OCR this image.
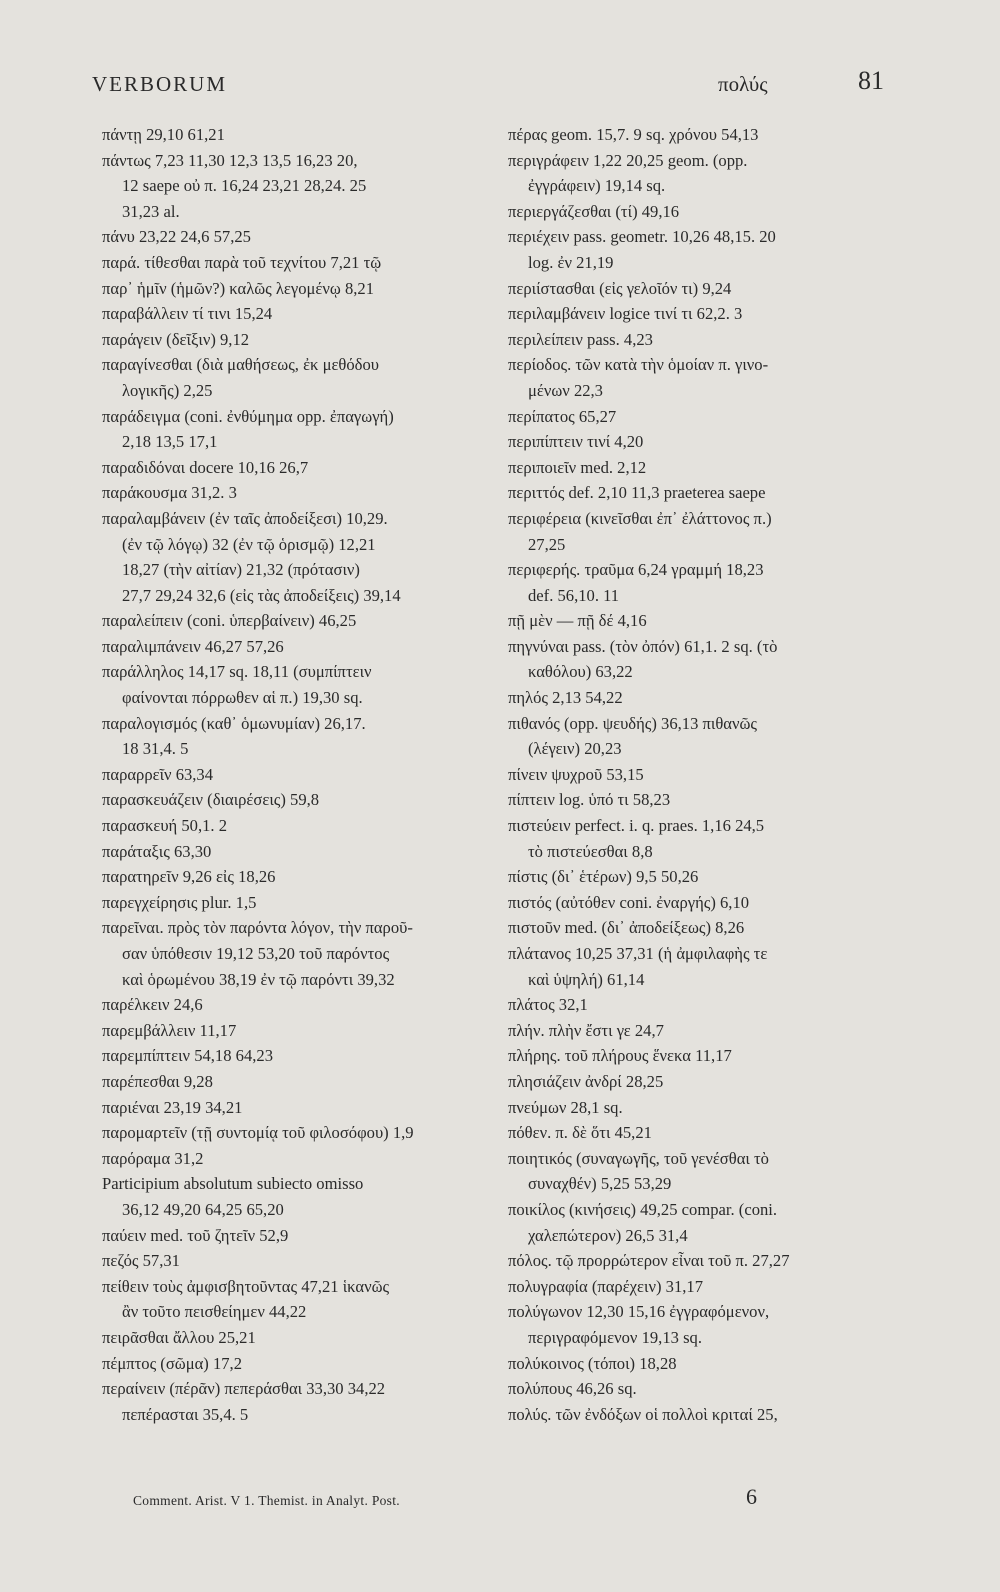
VERBORUM	πολύς	81
πάντῃ 29,10 61,21
πάντως 7,23 11,30 12,3 13,5 16,23 20,
12 saepe οὐ π. 16,24 23,21 28,24. 25
31,23 al.
πάνυ 23,22 24,6 57,25
παρά. τίθεσθαι παρὰ τοῦ τεχνίτου 7,21 τῷ
παρ᾽ ἡμῖν (ἡμῶν?) καλῶς λεγομένῳ 8,21
παραβάλλειν τί τινι 15,24
παράγειν (δεῖξιν) 9,12
παραγίνεσθαι (διὰ μαθήσεως, ἐκ μεθόδου
λογικῆς) 2,25
παράδειγμα (coni. ἐνθύμημα opp. ἐπαγωγή)
2,18 13,5 17,1
παραδιδόναι docere 10,16 26,7
παράκουσμα 31,2. 3
παραλαμβάνειν (ἐν ταῖς ἀποδείξεσι) 10,29.
(ἐν τῷ λόγῳ) 32 (ἐν τῷ ὁρισμῷ) 12,21
18,27 (τὴν αἰτίαν) 21,32 (πρότασιν)
27,7 29,24 32,6 (εἰς τὰς ἀποδείξεις) 39,14
παραλείπειν (coni. ὑπερβαίνειν) 46,25
παραλιμπάνειν 46,27 57,26
παράλληλος 14,17 sq. 18,11 (συμπίπτειν
φαίνονται πόρρωθεν αἱ π.) 19,30 sq.
παραλογισμός (καθ᾽ ὁμωνυμίαν) 26,17.
18 31,4. 5
παραρρεῖν 63,34
παρασκευάζειν (διαιρέσεις) 59,8
παρασκευή 50,1. 2
παράταξις 63,30
παρατηρεῖν 9,26 εἰς 18,26
παρεγχείρησις plur. 1,5
παρεῖναι. πρὸς τὸν παρόντα λόγον, τὴν παροῦ-
σαν ὑπόθεσιν 19,12 53,20 τοῦ παρόντος
καὶ ὁρωμένου 38,19 ἐν τῷ παρόντι 39,32
παρέλκειν 24,6
παρεμβάλλειν 11,17
παρεμπίπτειν 54,18 64,23
παρέπεσθαι 9,28
παριέναι 23,19 34,21
παρομαρτεῖν (τῇ συντομίᾳ τοῦ φιλοσόφου) 1,9
παρόραμα 31,2
Participium absolutum subiecto omisso
36,12 49,20 64,25 65,20
παύειν med. τοῦ ζητεῖν 52,9
πεζός 57,31
πείθειν τοὺς ἀμφισβητοῦντας 47,21 ἱκανῶς
ἂν τοῦτο πεισθείημεν 44,22
πειρᾶσθαι ἄλλου 25,21
πέμπτος (σῶμα) 17,2
περαίνειν (πέρᾶν) πεπεράσθαι 33,30 34,22
πεπέρασται 35,4. 5
πέρας geom. 15,7. 9 sq. χρόνου 54,13
περιγράφειν 1,22 20,25 geom. (opp.
ἐγγράφειν) 19,14 sq.
περιεργάζεσθαι (τί) 49,16
περιέχειν pass. geometr. 10,26 48,15. 20
log. ἐν 21,19
περιίστασθαι (εἰς γελοῖόν τι) 9,24
περιλαμβάνειν logice τινί τι 62,2. 3
περιλείπειν pass. 4,23
περίοδος. τῶν κατὰ τὴν ὁμοίαν π. γινο-
μένων 22,3
περίπατος 65,27
περιπίπτειν τινί 4,20
περιποιεῖν med. 2,12
περιττός def. 2,10 11,3 praeterea saepe
περιφέρεια (κινεῖσθαι ἐπ᾽ ἐλάττονος π.)
27,25
περιφερής. τραῦμα 6,24 γραμμή 18,23
def. 56,10. 11
πῇ μὲν — πῇ δέ 4,16
πηγνύναι pass. (τὸν ὀπόν) 61,1. 2 sq. (τὸ
καθόλου) 63,22
πηλός 2,13 54,22
πιθανός (opp. ψευδής) 36,13 πιθανῶς
(λέγειν) 20,23
πίνειν ψυχροῦ 53,15
πίπτειν log. ὑπό τι 58,23
πιστεύειν perfect. i. q. praes. 1,16 24,5
τὸ πιστεύεσθαι 8,8
πίστις (δι᾽ ἑτέρων) 9,5 50,26
πιστός (αὐτόθεν coni. ἐναργής) 6,10
πιστοῦν med. (δι᾽ ἀποδείξεως) 8,26
πλάτανος 10,25 37,31 (ἡ ἀμφιλαφὴς τε
καὶ ὑψηλή) 61,14
πλάτος 32,1
πλήν. πλὴν ἔστι γε 24,7
πλήρης. τοῦ πλήρους ἕνεκα 11,17
πλησιάζειν ἀνδρί 28,25
πνεύμων 28,1 sq.
πόθεν. π. δὲ ὅτι 45,21
ποιητικός (συναγωγῆς, τοῦ γενέσθαι τὸ
συναχθέν) 5,25 53,29
ποικίλος (κινήσεις) 49,25 compar. (coni.
χαλεπώτερον) 26,5 31,4
πόλος. τῷ προρρώτερον εἶναι τοῦ π. 27,27
πολυγραφία (παρέχειν) 31,17
πολύγωνον 12,30 15,16 ἐγγραφόμενον,
περιγραφόμενον 19,13 sq.
πολύκοινος (τόποι) 18,28
πολύπους 46,26 sq.
πολύς. τῶν ἐνδόξων οἱ πολλοὶ κριταί 25,
Comment. Arist. V 1. Themist. in Analyt. Post.	6
